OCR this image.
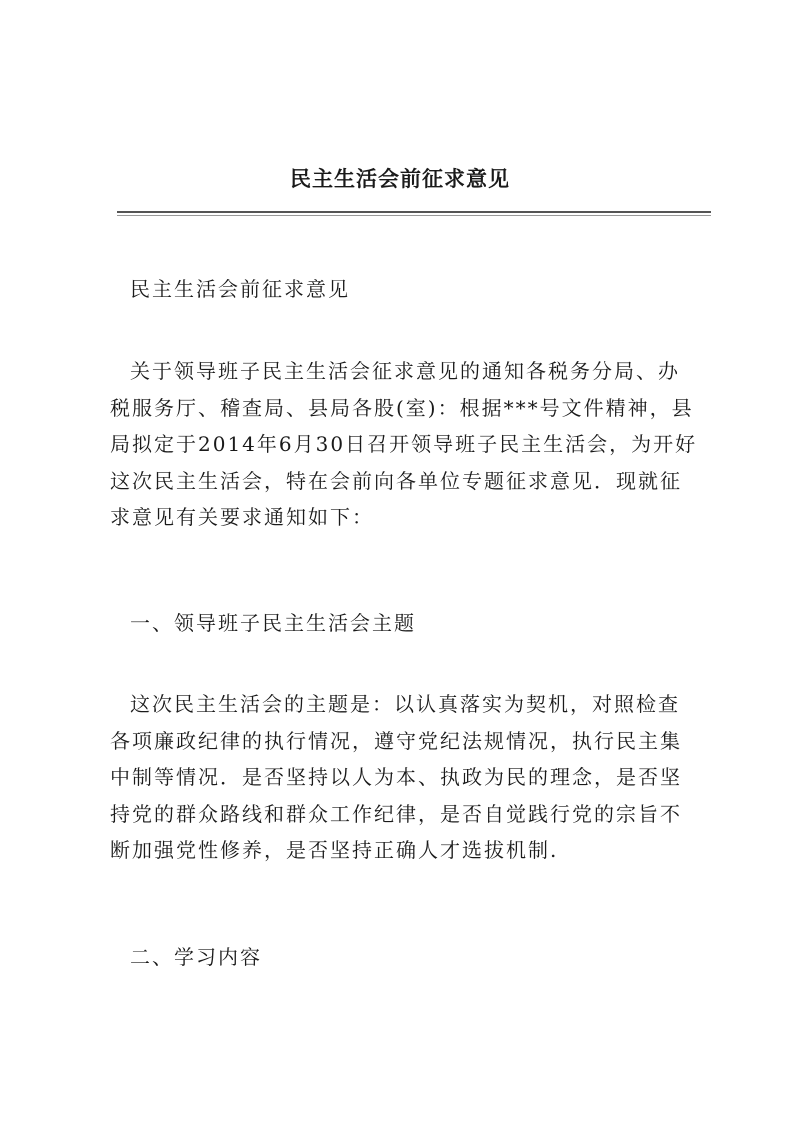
民主生活会前征求意见

民主生活会前征求意见

关于领导班子民主生活会征求意见的通知各税务分局、办税服务厅、稽查局、县局各股(室)：根据***号文件精神，县局拟定于2014年6月30日召开领导班子民主生活会，为开好这次民主生活会，特在会前向各单位专题征求意见．现就征求意见有关要求通知如下：

一、领导班子民主生活会主题

这次民主生活会的主题是：以认真落实为契机，对照检查各项廉政纪律的执行情况，遵守党纪法规情况，执行民主集中制等情况．是否坚持以人为本、执政为民的理念，是否坚持党的群众路线和群众工作纪律，是否自觉践行党的宗旨不断加强党性修养，是否坚持正确人才选拔机制.

二、学习内容
